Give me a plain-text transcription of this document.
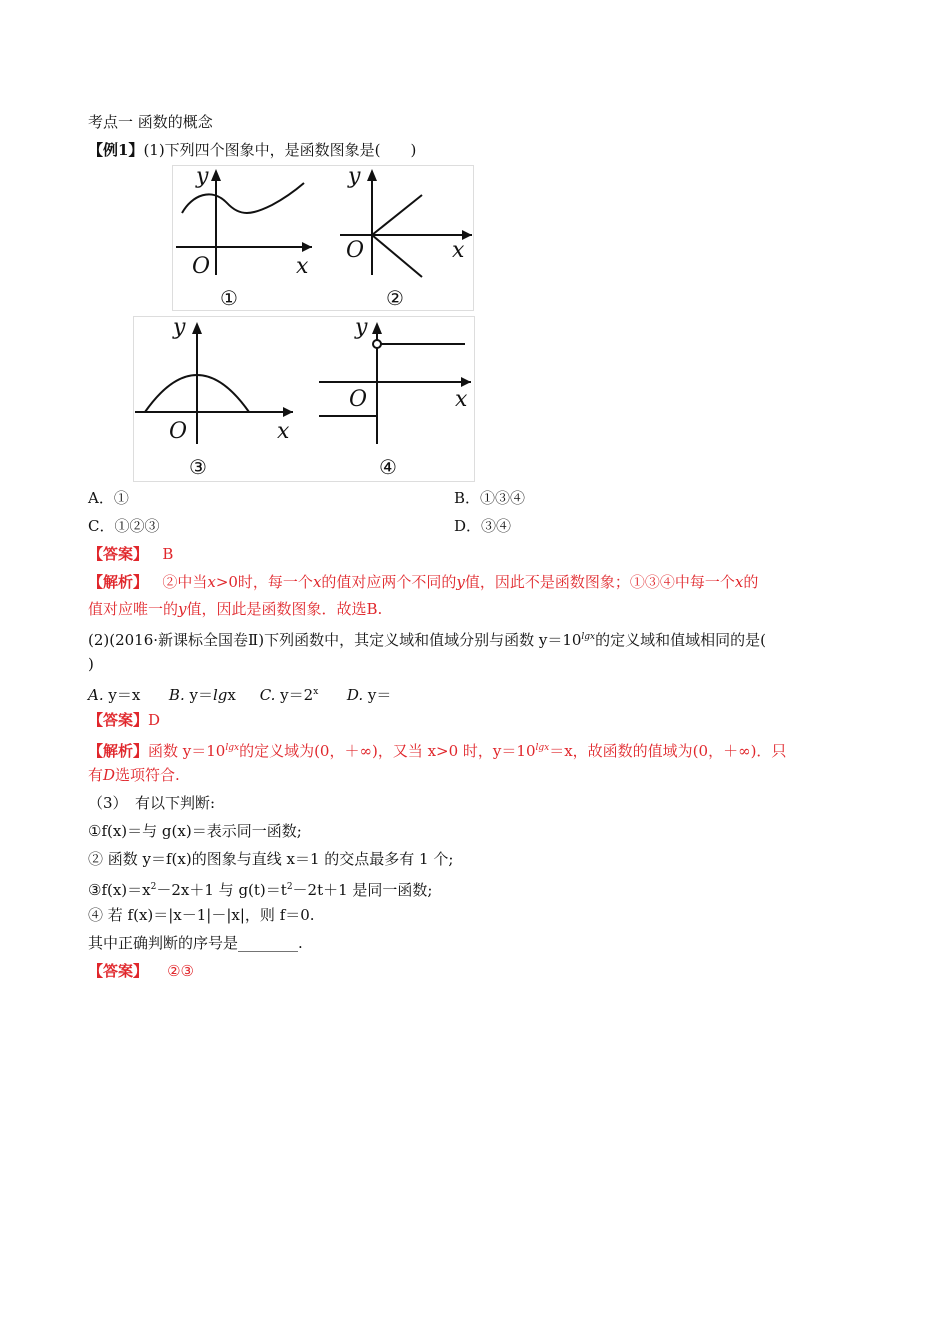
考点一 函数的概念
【例1】(1)下列四个图象中，是函数图象是(　　)
y
O	x
①
y
O	x
②
y
O	x
③
y
O	x
④
A．①	B．①③④
C．①②③	D．③④
【答案】 B
【解析】 ②中当x>0时，每一个x的值对应两个不同的y值，因此不是函数图象；①③④中每一个x的
值对应唯一的y值，因此是函数图象．故选B.
(2)(2016·新课标全国卷Ⅱ)下列函数中，其定义域和值域分别与函数 $y=10^{lgx}$的定义域和值域相同的是(
)
A. y＝x B. y＝lgx C. $y=2^x$ D. y＝
【答案】D
【解析】函数 $y=10^{lgx}$的定义域为(0，＋∞)，又当 x>0 时，$y=10^{lgx}=x$，故函数的值域为(0，＋∞)．只
有D选项符合.
（3）　有以下判断:
①f(x)＝与 g(x)＝表示同一函数;
② 函数 y＝f(x)的图象与直线 x＝1 的交点最多有 1 个;
$③f(x)=x^2-2x+1$ 与 $g(t)=t^2-2t+1$ 是同一函数;
④ 若 f(x)＝|x－1|－|x|，则 f＝0.
其中正确判断的序号是________.
【答案】 ②③
